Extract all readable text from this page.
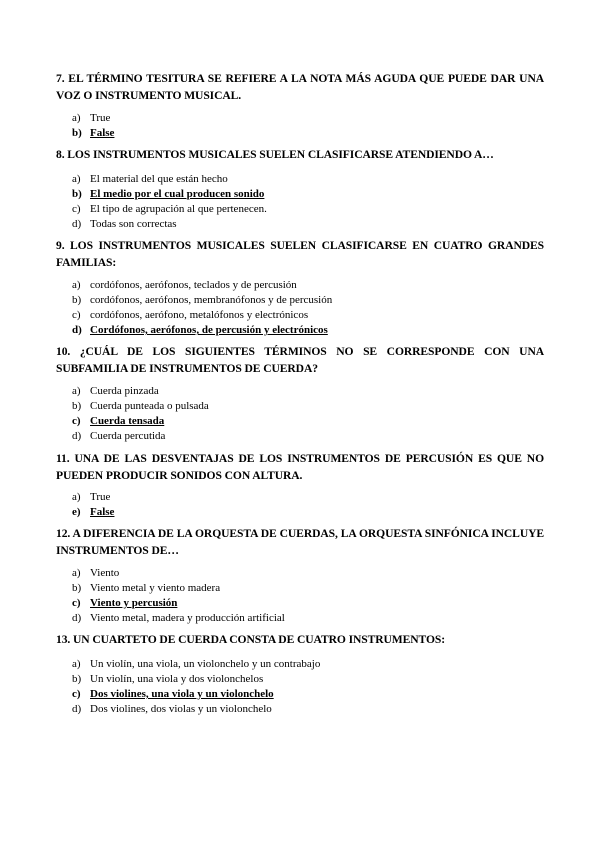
7. EL TÉRMINO TESITURA SE REFIERE A LA NOTA MÁS AGUDA QUE PUEDE DAR UNA VOZ O INSTRUMENTO MUSICAL.
a) True
b) False
8. LOS INSTRUMENTOS MUSICALES SUELEN CLASIFICARSE ATENDIENDO A…
a) El material del que están hecho
b) El medio por el cual producen sonido
c) El tipo de agrupación al que pertenecen.
d) Todas son correctas
9. LOS INSTRUMENTOS MUSICALES SUELEN CLASIFICARSE EN CUATRO GRANDES FAMILIAS:
a) cordófonos, aerófonos, teclados y de percusión
b) cordófonos, aerófonos, membranófonos y de percusión
c) cordófonos, aerófono, metalófonos y electrónicos
d) Cordófonos, aerófonos, de percusión y electrónicos
10. ¿CUÁL DE LOS SIGUIENTES TÉRMINOS NO SE CORRESPONDE CON UNA SUBFAMILIA DE INSTRUMENTOS DE CUERDA?
a) Cuerda pinzada
b) Cuerda punteada o pulsada
c) Cuerda tensada
d) Cuerda percutida
11. UNA DE LAS DESVENTAJAS DE LOS INSTRUMENTOS DE PERCUSIÓN ES QUE NO PUEDEN PRODUCIR SONIDOS CON ALTURA.
a) True
e) False
12. A DIFERENCIA DE LA ORQUESTA DE CUERDAS, LA ORQUESTA SINFÓNICA INCLUYE INSTRUMENTOS DE…
a) Viento
b) Viento metal y viento madera
c) Viento y percusión
d) Viento metal, madera y producción artificial
13. UN CUARTETO DE CUERDA CONSTA DE CUATRO INSTRUMENTOS:
a) Un violín, una viola, un violonchelo y un contrabajo
b) Un violín, una viola y dos violonchelos
c) Dos violines, una viola y un violonchelo
d) Dos violines, dos violas y un violonchelo
